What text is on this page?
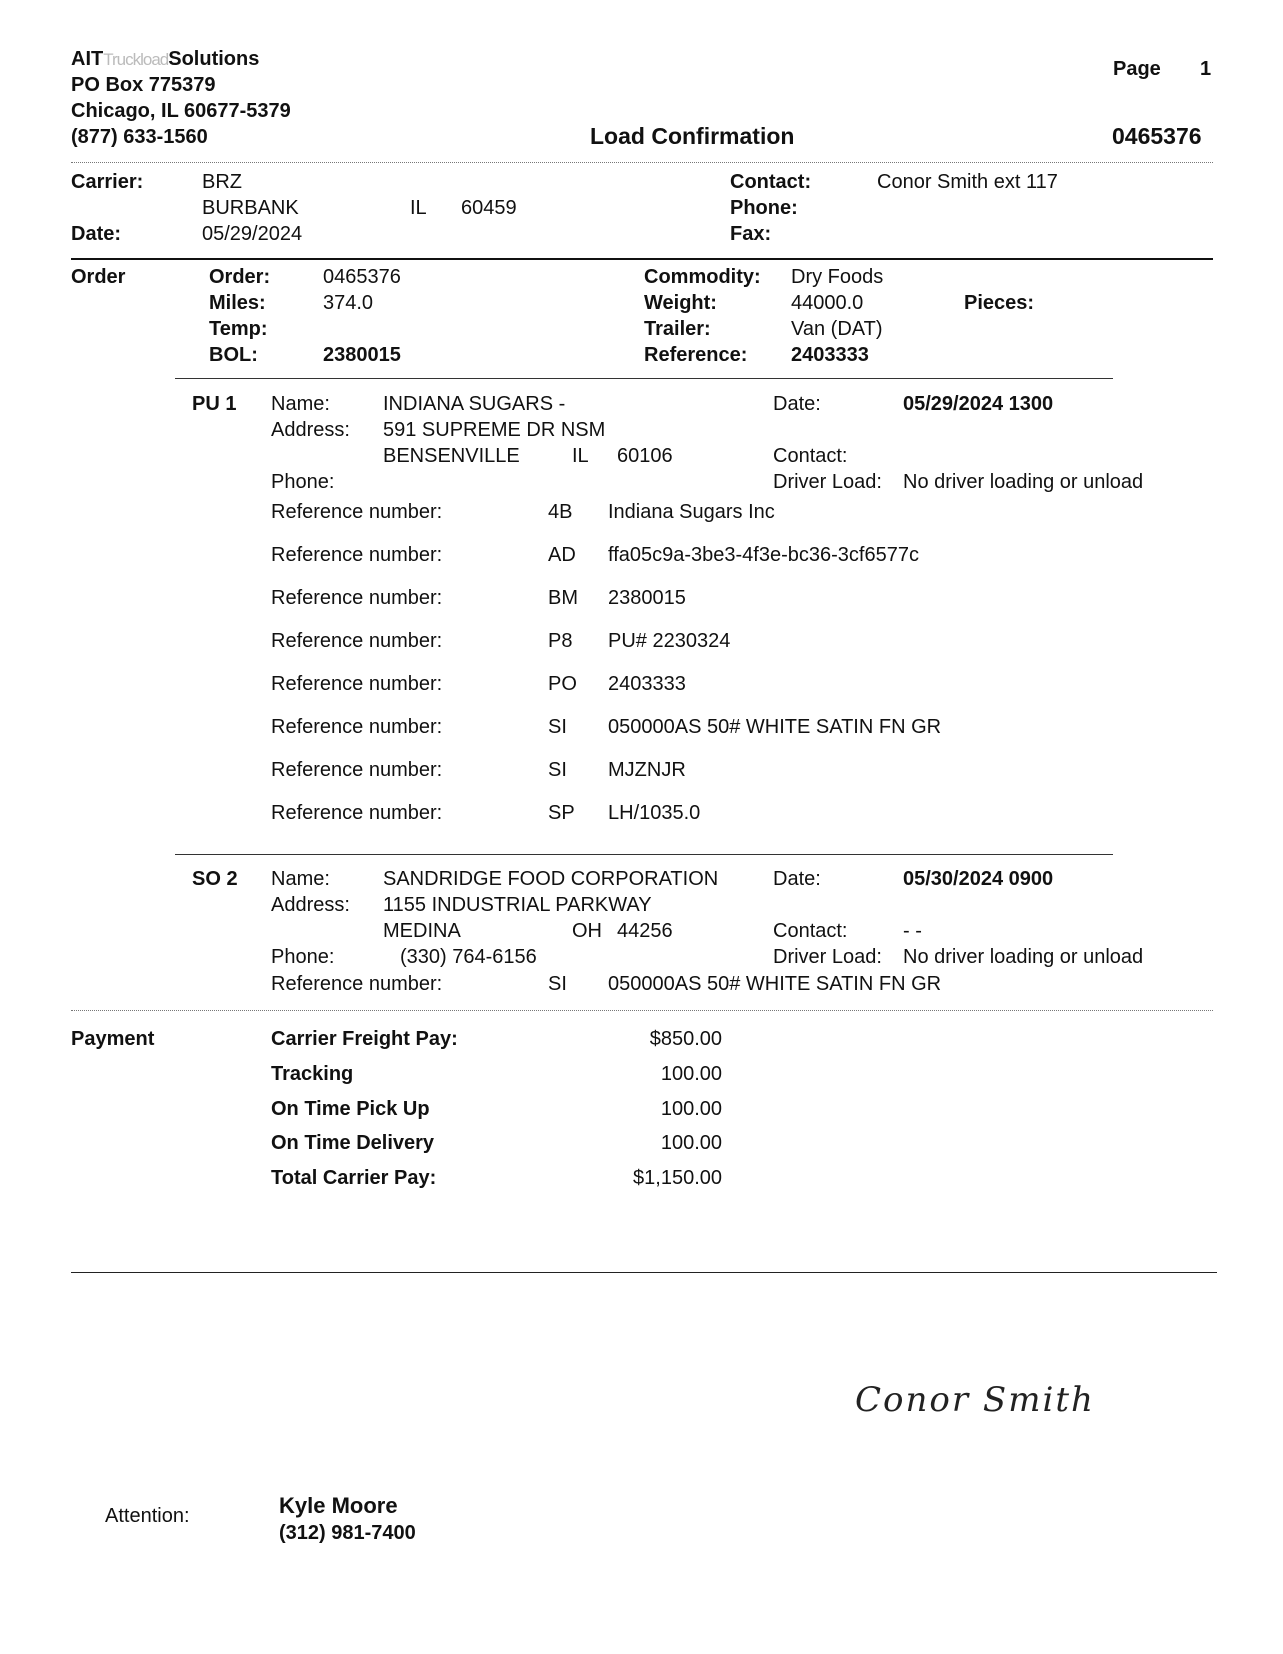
AITTruckloadSolutions
PO Box 775379
Chicago, IL 60677-5379
(877) 633-1560
Page 1
Load Confirmation	0465376
Carrier:	BRZ
BURBANK	IL 60459
Date:	05/29/2024
Contact:	Conor Smith ext 117
Phone:
Fax:
Order	Order:	0465376
Miles:	374.0
Temp:
BOL:	2380015
Commodity: Dry Foods
Weight:	44000.0	Pieces:
Trailer:	Van (DAT)
Reference: 2403333
PU 1 Name:	INDIANA SUGARS -
Address: 591 SUPREME DR NSM
BENSENVILLE	IL 60106
Phone:
Date:	05/29/2024 1300
Contact:
Driver Load: No driver loading or unload
Reference number:	4B Indiana Sugars Inc
Reference number:	AD ffa05c9a-3be3-4f3e-bc36-3cf6577c
Reference number:	BM 2380015
Reference number:	P8 PU# 2230324
Reference number:	PO 2403333
Reference number:	SI 050000AS 50# WHITE SATIN FN GR
Reference number:	SI MJZNJR
Reference number:	SP LH/1035.0
SO 2 Name:	SANDRIDGE FOOD CORPORATION
Address: 1155 INDUSTRIAL PARKWAY
MEDINA	OH 44256
Phone:	(330) 764-6156
Date:	05/30/2024 0900
Contact:	- -
Driver Load: No driver loading or unload
Reference number:	SI 050000AS 50# WHITE SATIN FN GR
Payment	Carrier Freight Pay:	$850.00
Tracking	100.00
On Time Pick Up	100.00
On Time Delivery	100.00
Total Carrier Pay:	$1,150.00
Conor Smith
Attention:	Kyle Moore
(312) 981-7400
